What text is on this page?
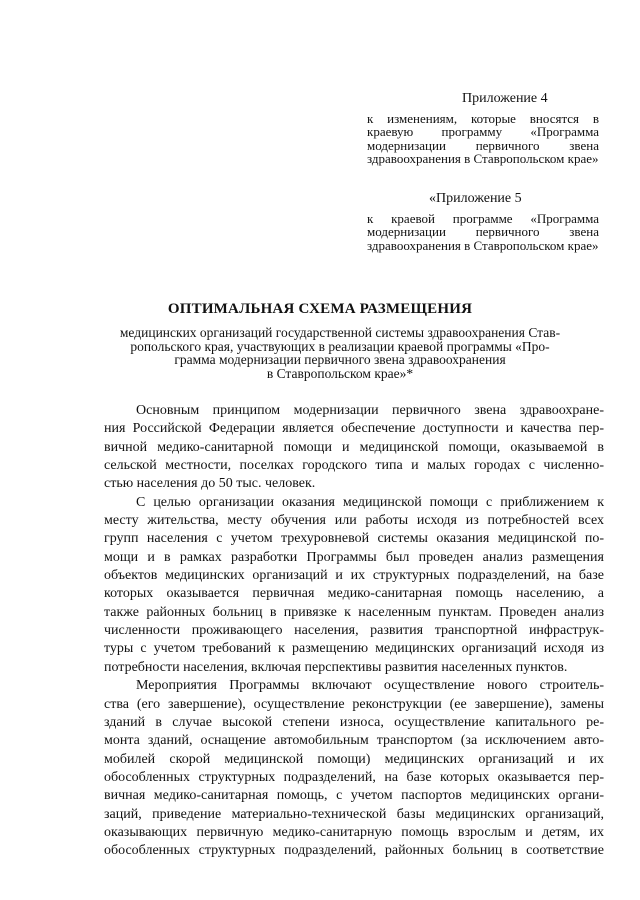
Приложение 4

к изменениям, которые вносятся в краевую программу «Программа модернизации первичного звена здравоохранения в Ставропольском крае»

«Приложение 5

к краевой программе «Программа модернизации первичного звена здравоохранения в Ставропольском крае»

ОПТИМАЛЬНАЯ СХЕМА РАЗМЕЩЕНИЯ
медицинских организаций государственной системы здравоохранения Став-
ропольского края, участвующих в реализации краевой программы «Про-
грамма модернизации первичного звена здравоохранения
в Ставропольском крае»*
Основным принципом модернизации первичного звена здравоохране-
ния Российской Федерации является обеспечение доступности и качества пер-
вичной медико-санитарной помощи и медицинской помощи, оказываемой в
сельской местности, поселках городского типа и малых городах с численно-
стью населения до 50 тыс. человек.
С целью организации оказания медицинской помощи с приближением к
месту жительства, месту обучения или работы исходя из потребностей всех
групп населения с учетом трехуровневой системы оказания медицинской по-
мощи и в рамках разработки Программы был проведен анализ размещения
объектов медицинских организаций и их структурных подразделений, на базе
которых оказывается первичная медико-санитарная помощь населению, а
также районных больниц в привязке к населенным пунктам. Проведен анализ
численности проживающего населения, развития транспортной инфраструк-
туры с учетом требований к размещению медицинских организаций исходя из
потребности населения, включая перспективы развития населенных пунктов.
Мероприятия Программы включают осуществление нового строитель-
ства (его завершение), осуществление реконструкции (ее завершение), замены
зданий в случае высокой степени износа, осуществление капитального ре-
монта зданий, оснащение автомобильным транспортом (за исключением авто-
мобилей скорой медицинской помощи) медицинских организаций и их
обособленных структурных подразделений, на базе которых оказывается пер-
вичная медико-санитарная помощь, с учетом паспортов медицинских органи-
заций, приведение материально-технической базы медицинских организаций,
оказывающих первичную медико-санитарную помощь взрослым и детям, их
обособленных структурных подразделений, районных больниц в соответствие
